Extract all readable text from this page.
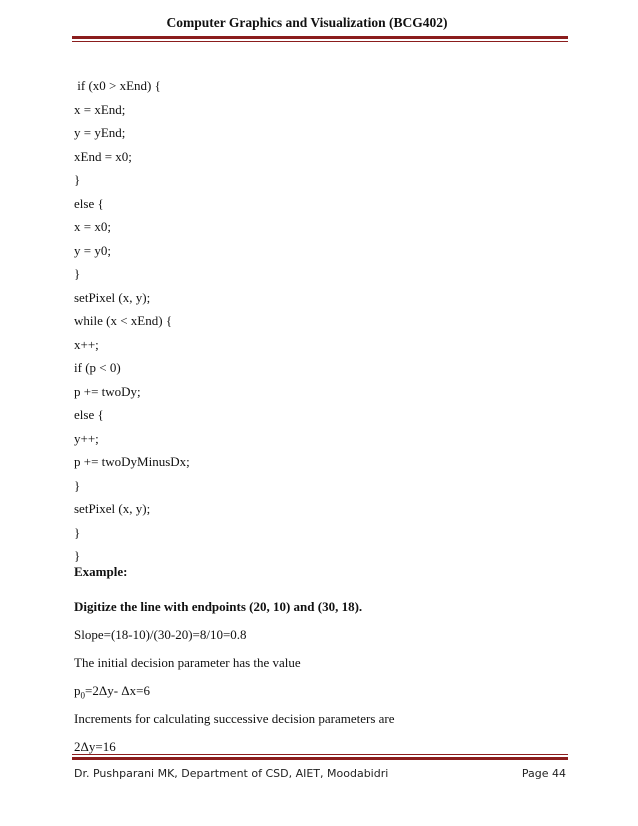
Computer Graphics and Visualization (BCG402)
if (x0 > xEnd) {
x = xEnd;
y = yEnd;
xEnd = x0;
}
else {
x = x0;
y = y0;
}
setPixel (x, y);
while (x < xEnd) {
x++;
if (p < 0)
p += twoDy;
else {
y++;
p += twoDyMinusDx;
}
setPixel (x, y);
}
}
Example:
Digitize the line with endpoints (20, 10) and (30, 18).
Slope=(18-10)/(30-20)=8/10=0.8
The initial decision parameter has the value
$p_0=2\Delta y-$ Δx=6
Increments for calculating successive decision parameters are
2Δy=16
Dr. Pushparani MK, Department of CSD, AIET, Moodabidri	Page 44
